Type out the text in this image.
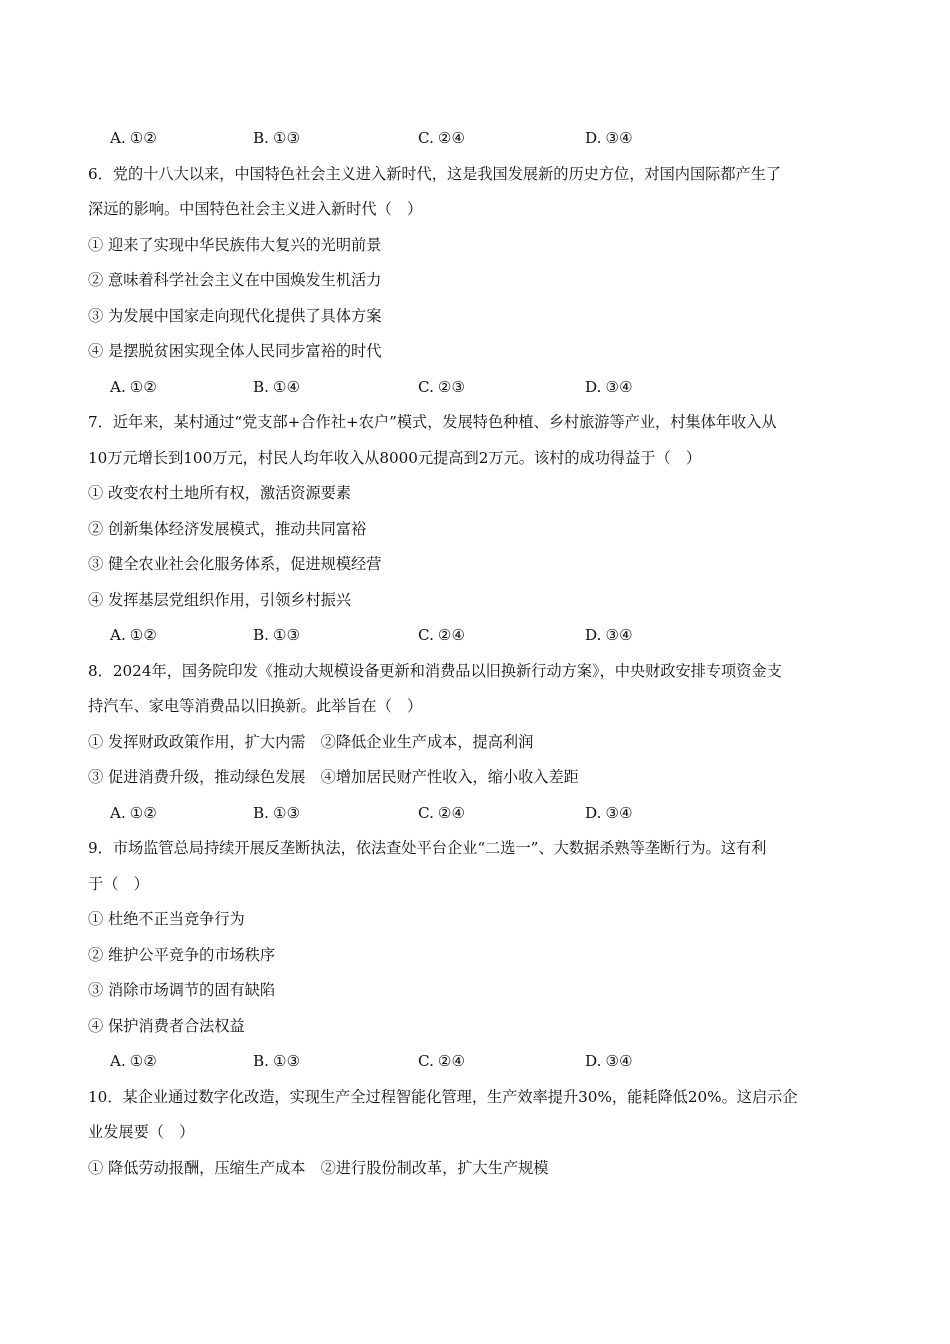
A. ①②	B. ①③	C. ②④	D. ③④
6．党的十八大以来，中国特色社会主义进入新时代，这是我国发展新的历史方位，对国内国际都产生了
深远的影响。中国特色社会主义进入新时代（　）
① 迎来了实现中华民族伟大复兴的光明前景
② 意味着科学社会主义在中国焕发生机活力
③ 为发展中国家走向现代化提供了具体方案
④ 是摆脱贫困实现全体人民同步富裕的时代
A. ①②	B. ①④	C. ②③	D. ③④
7．近年来，某村通过“党支部+合作社+农户”模式，发展特色种植、乡村旅游等产业，村集体年收入从
10万元增长到100万元，村民人均年收入从8000元提高到2万元。该村的成功得益于（　）
① 改变农村土地所有权，激活资源要素
② 创新集体经济发展模式，推动共同富裕
③ 健全农业社会化服务体系，促进规模经营
④ 发挥基层党组织作用，引领乡村振兴
A. ①②	B. ①③	C. ②④	D. ③④
8．2024年，国务院印发《推动大规模设备更新和消费品以旧换新行动方案》，中央财政安排专项资金支
持汽车、家电等消费品以旧换新。此举旨在（　）
① 发挥财政政策作用，扩大内需　②降低企业生产成本，提高利润
③ 促进消费升级，推动绿色发展　④增加居民财产性收入，缩小收入差距
A. ①②	B. ①③	C. ②④	D. ③④
9．市场监管总局持续开展反垄断执法，依法查处平台企业“二选一”、大数据杀熟等垄断行为。这有利
于（　）
① 杜绝不正当竞争行为
② 维护公平竞争的市场秩序
③ 消除市场调节的固有缺陷
④ 保护消费者合法权益
A. ①②	B. ①③	C. ②④	D. ③④
10．某企业通过数字化改造，实现生产全过程智能化管理，生产效率提升30%，能耗降低20%。这启示企
业发展要（　）
① 降低劳动报酬，压缩生产成本　②进行股份制改革，扩大生产规模
